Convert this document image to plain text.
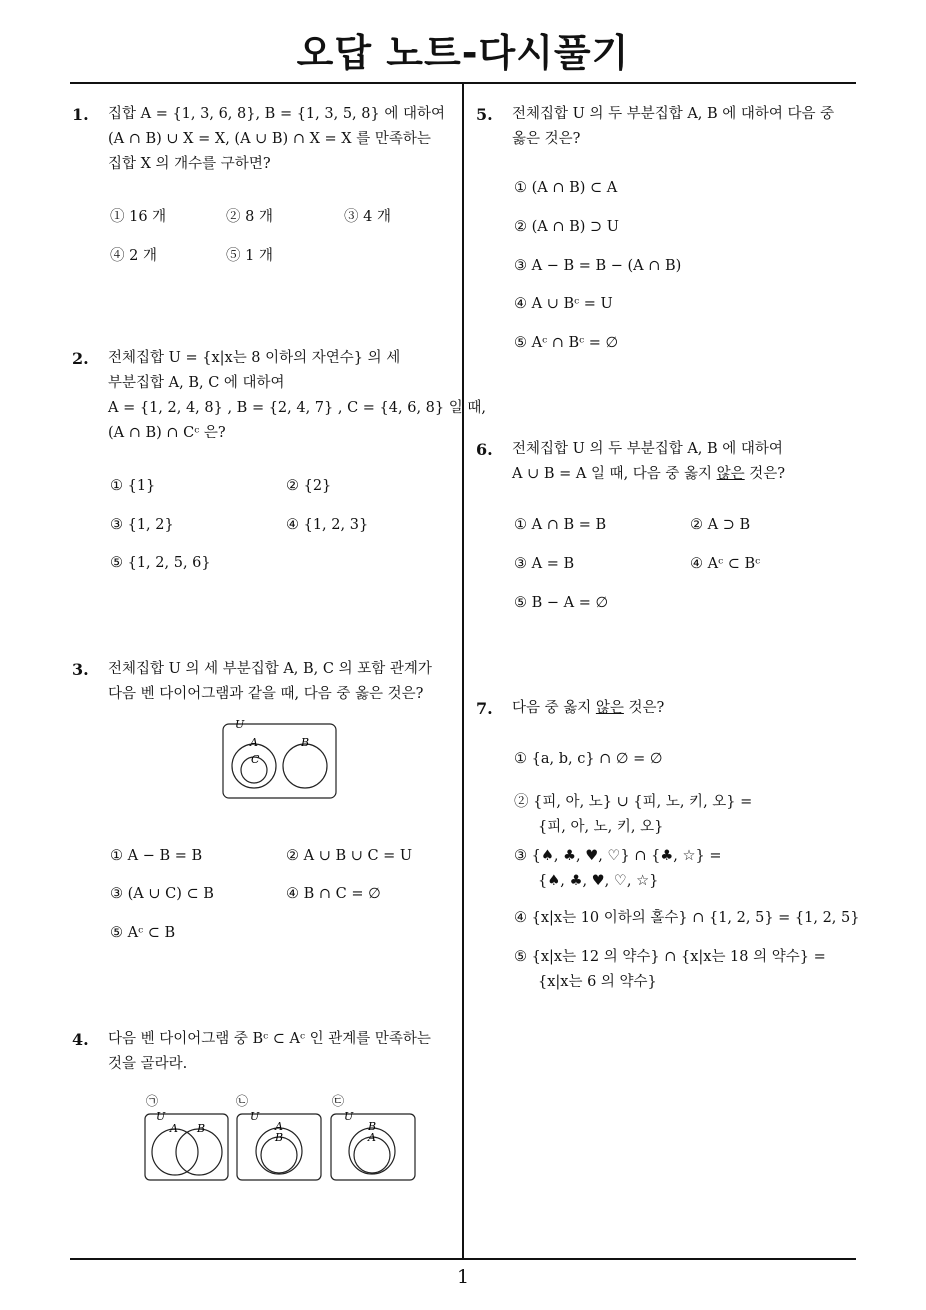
오답 노트-다시풀기
1
1. 집합 A = {1, 3, 6, 8}, B = {1, 3, 5, 8} 에 대하여
(A ∩ B) ∪ X = X, (A ∪ B) ∩ X = X 를 만족하는
집합 X 의 개수를 구하면?
① 16 개	② 8 개	③ 4 개
④ 2 개	⑤ 1 개
2. 전체집합 U = {x|x는 8 이하의 자연수} 의 세
부분집합 A, B, C 에 대하여
A = {1, 2, 4, 8} , B = {2, 4, 7} , C = {4, 6, 8} 일 때,
(A ∩ B) ∩ Cᶜ 은?
① {1}	② {2}
③ {1, 2}	④ {1, 2, 3}
⑤ {1, 2, 5, 6}
3. 전체집합 U 의 세 부분집합 A, B, C 의 포함 관계가
다음 벤 다이어그램과 같을 때, 다음 중 옳은 것은?
U
A
C
B
① A − B = B	② A ∪ B ∪ C = U
③ (A ∪ C) ⊂ B	④ B ∩ C = ∅
⑤ Aᶜ ⊂ B
4. 다음 벤 다이어그램 중 Bᶜ ⊂ Aᶜ 인 관계를 만족하는
것을 골라라.
㉠
U
A B
㉡
U
A
B
㉢
U
B
A
5. 전체집합 U 의 두 부분집합 A, B 에 대하여 다음 중
옳은 것은?
① (A ∩ B) ⊂ A
② (A ∩ B) ⊃ U
③ A − B = B − (A ∩ B)
④ A ∪ Bᶜ = U
⑤ Aᶜ ∩ Bᶜ = ∅
6. 전체집합 U 의 두 부분집합 A, B 에 대하여
A ∪ B = A 일 때, 다음 중 옳지 않은 것은?
① A ∩ B = B	② A ⊃ B
③ A = B	④ Aᶜ ⊂ Bᶜ
⑤ B − A = ∅
7. 다음 중 옳지 않은 것은?
① {a, b, c} ∩ ∅ = ∅
② {피, 아, 노} ∪ {피, 노, 키, 오} =
{피, 아, 노, 키, 오}
③ {♠, ♣, ♥, ♡} ∩ {♣, ☆} =
{♠, ♣, ♥, ♡, ☆}
④ {x|x는 10 이하의 홀수} ∩ {1, 2, 5} = {1, 2, 5}
⑤ {x|x는 12 의 약수} ∩ {x|x는 18 의 약수} =
{x|x는 6 의 약수}
